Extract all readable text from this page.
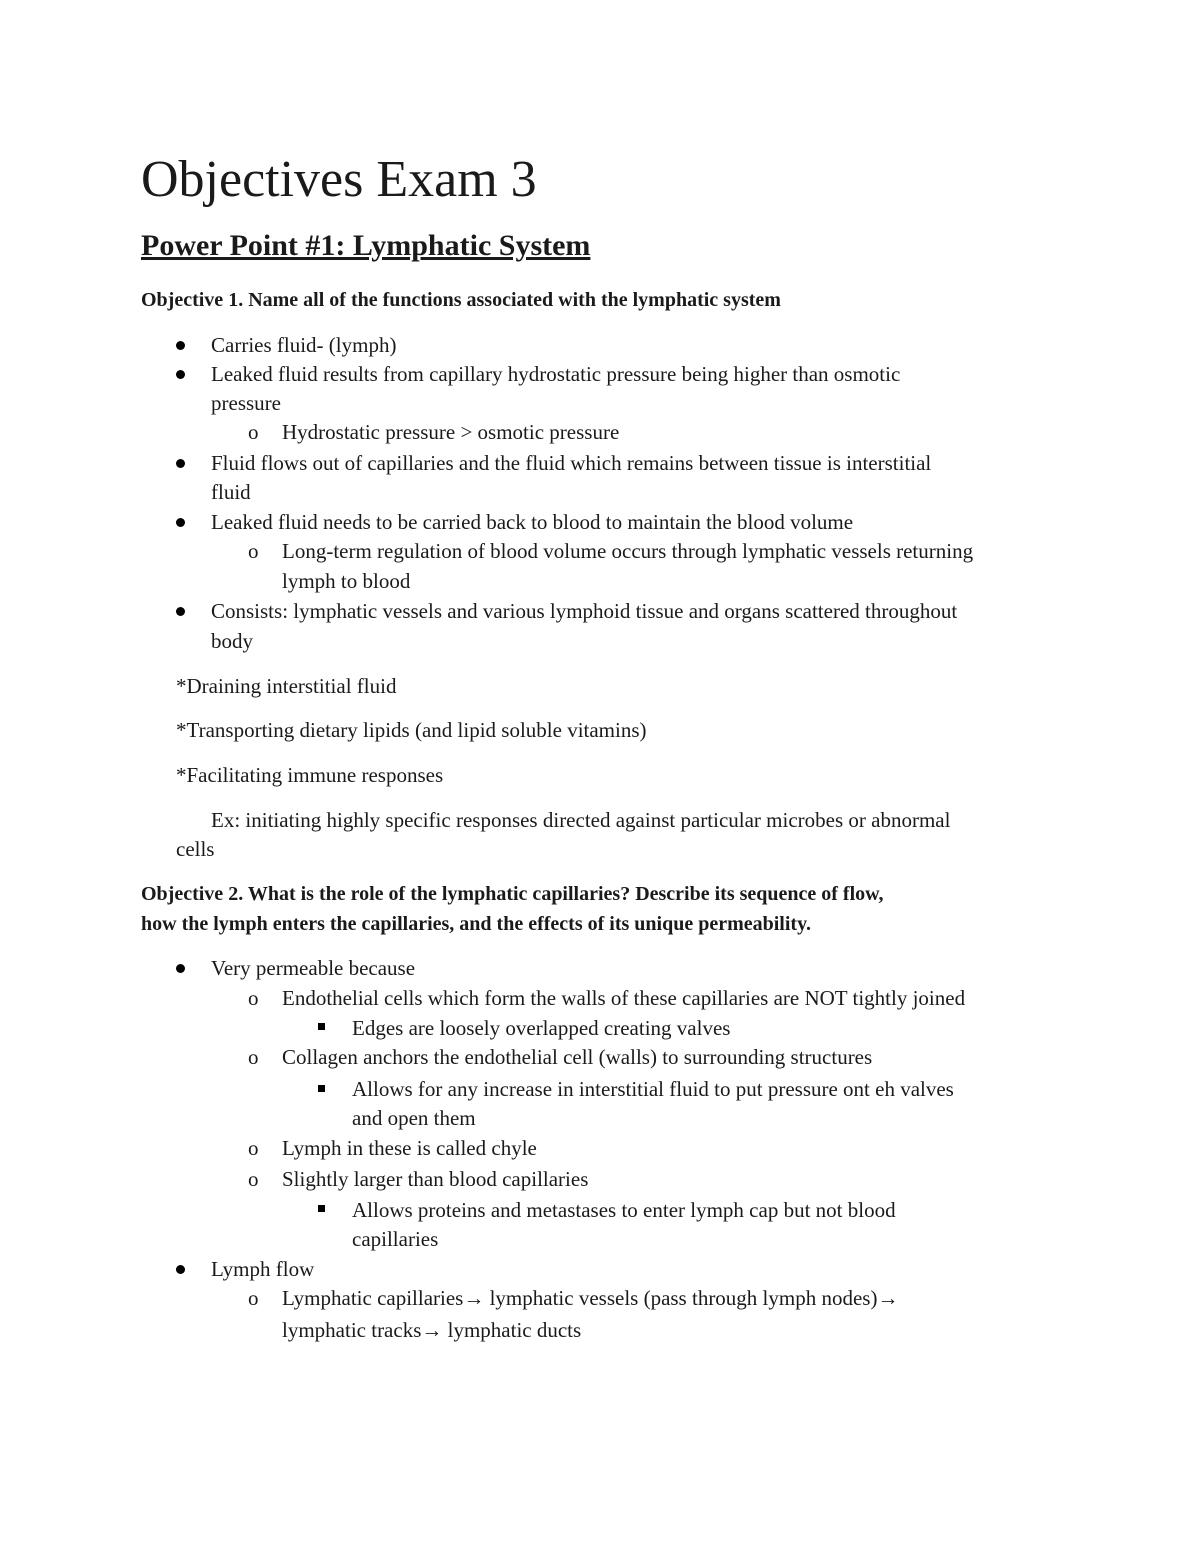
Objectives Exam 3
Power Point #1: Lymphatic System

Objective 1. Name all of the functions associated with the lymphatic system

Carries fluid- (lymph)

Leaked fluid results from capillary hydrostatic pressure being higher than osmotic

pressure

o Hydrostatic pressure > osmotic pressure

Fluid flows out of capillaries and the fluid which remains between tissue is interstitial

fluid

Leaked fluid needs to be carried back to blood to maintain the blood volume

o Long-term regulation of blood volume occurs through lymphatic vessels returning

lymph to blood

Consists: lymphatic vessels and various lymphoid tissue and organs scattered throughout

body

*Draining interstitial fluid

*Transporting dietary lipids (and lipid soluble vitamins)

*Facilitating immune responses

Ex: initiating highly specific responses directed against particular microbes or abnormal

cells

Objective 2. What is the role of the lymphatic capillaries? Describe its sequence of flow,

how the lymph enters the capillaries, and the effects of its unique permeability.

Very permeable because

o Endothelial cells which form the walls of these capillaries are NOT tightly joined

Edges are loosely overlapped creating valves

o Collagen anchors the endothelial cell (walls) to surrounding structures

Allows for any increase in interstitial fluid to put pressure ont eh valves

and open them

o Lymph in these is called chyle

o Slightly larger than blood capillaries

Allows proteins and metastases to enter lymph cap but not blood

capillaries

Lymph flow

o Lymphatic capillaries→ lymphatic vessels (pass through lymph nodes)→

lymphatic tracks→ lymphatic ducts
